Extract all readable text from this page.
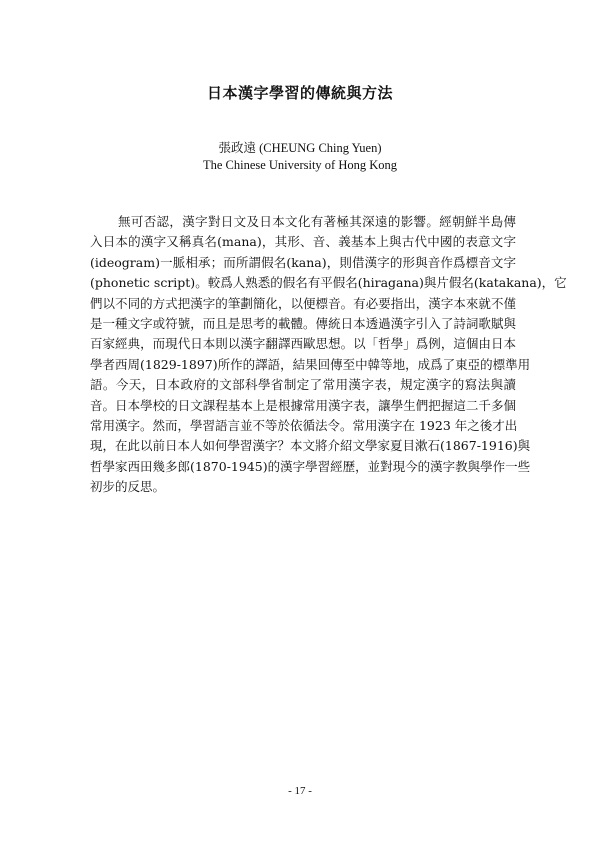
日本漢字學習的傳統與方法
張政遠 (CHEUNG Ching Yuen)
The Chinese University of Hong Kong
無可否認，漢字對日文及日本文化有著極其深遠的影響。經朝鮮半島傳
入日本的漢字又稱真名(mana)，其形、音、義基本上與古代中國的表意文字
(ideogram)一脈相承；而所謂假名(kana)，則借漢字的形與音作爲標音文字
(phonetic script)。較爲人熟悉的假名有平假名(hiragana)與片假名(katakana)，它
們以不同的方式把漢字的筆劃簡化，以便標音。有必要指出，漢字本來就不僅
是一種文字或符號，而且是思考的載體。傳統日本透過漢字引入了詩詞歌賦與
百家經典，而現代日本則以漢字翻譯西歐思想。以「哲學」爲例，這個由日本
學者西周(1829-1897)所作的譯語，結果回傳至中韓等地，成爲了東亞的標準用
語。今天，日本政府的文部科學省制定了常用漢字表，規定漢字的寫法與讀
音。日本學校的日文課程基本上是根據常用漢字表，讓學生們把握這二千多個
常用漢字。然而，學習語言並不等於依循法令。常用漢字在 1923 年之後才出
現，在此以前日本人如何學習漢字？本文將介紹文學家夏目漱石(1867-1916)與
哲學家西田幾多郎(1870-1945)的漢字學習經歷，並對現今的漢字教與學作一些
初步的反思。
- 17 -
